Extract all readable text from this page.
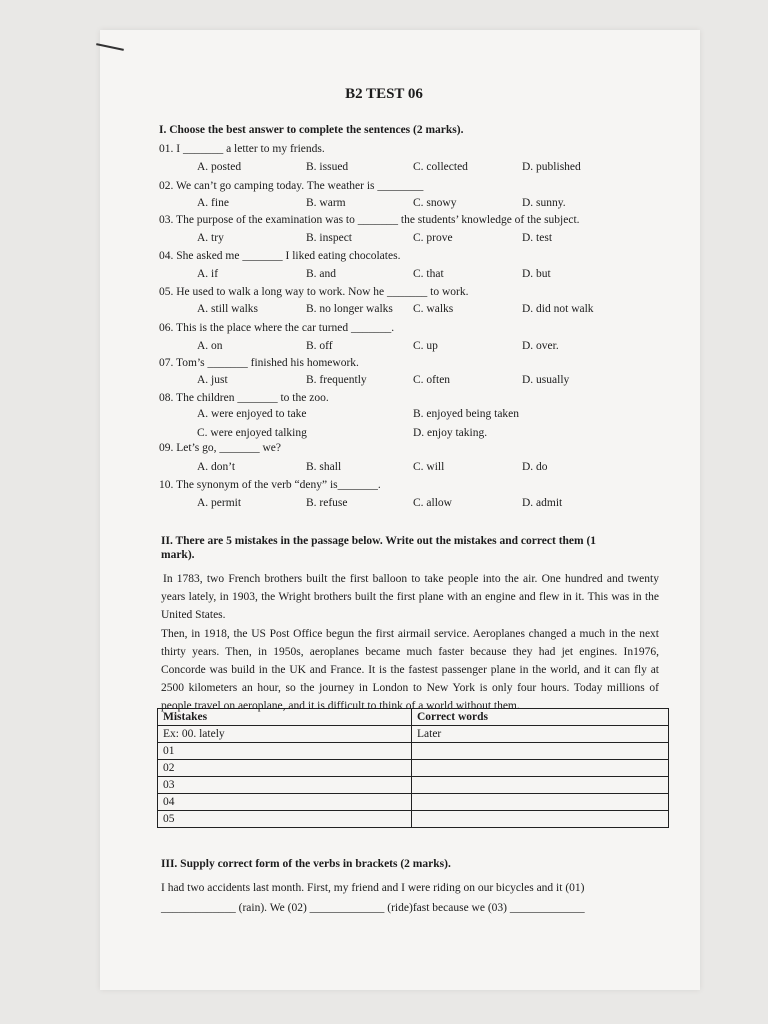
B2 TEST 06
I. Choose the best answer to complete the sentences (2 marks).
01. I _______ a letter to my friends.
A. posted	B. issued	C. collected	D. published
02. We can’t go camping today. The weather is ________
A. fine	B. warm	C. snowy	D. sunny.
03. The purpose of the examination was to _______ the students’ knowledge of the subject.
A. try	B. inspect	C. prove	D. test
04. She asked me _______ I liked eating chocolates.
A. if	B. and	C. that	D. but
05. He used to walk a long way to work. Now he _______ to work.
A. still walks	B. no longer walks C. walks	D. did not walk
06. This is the place where the car turned _______.
A. on	B. off	C. up	D. over.
07. Tom’s _______ finished his homework.
A. just	B. frequently	C. often	D. usually
08. The children _______ to the zoo.
A. were enjoyed to take	B. enjoyed being taken
C. were enjoyed talking	D. enjoy taking.
09. Let’s go, _______ we?
A. don’t	B. shall	C. will	D. do
10. The synonym of the verb “deny” is_______.
A. permit	B. refuse	C. allow	D. admit
II. There are 5 mistakes in the passage below. Write out the mistakes and correct them (1
mark).

In 1783, two French brothers built the first balloon to take people into the air. One hundred and twenty years lately, in 1903, the Wright brothers built the first plane with an engine and flew in it. This was in the United States.

Then, in 1918, the US Post Office begun the first airmail service. Aeroplanes changed a much in the next thirty years. Then, in 1950s, aeroplanes became much faster because they had jet engines. In1976, Concorde was build in the UK and France. It is the fastest passenger plane in the world, and it can fly at 2500 kilometers an hour, so the journey in London to New York is only four hours. Today millions of people travel on aeroplane, and it is difficult to think of a world without them.

Mistakes	Correct words
Ex: 00. lately	Later
01	
02	
03	
04	
05	
III. Supply correct form of the verbs in brackets (2 marks).
I had two accidents last month. First, my friend and I were riding on our bicycles and it (01)
_____________ (rain). We (02) _____________ (ride)fast because we (03) _____________
